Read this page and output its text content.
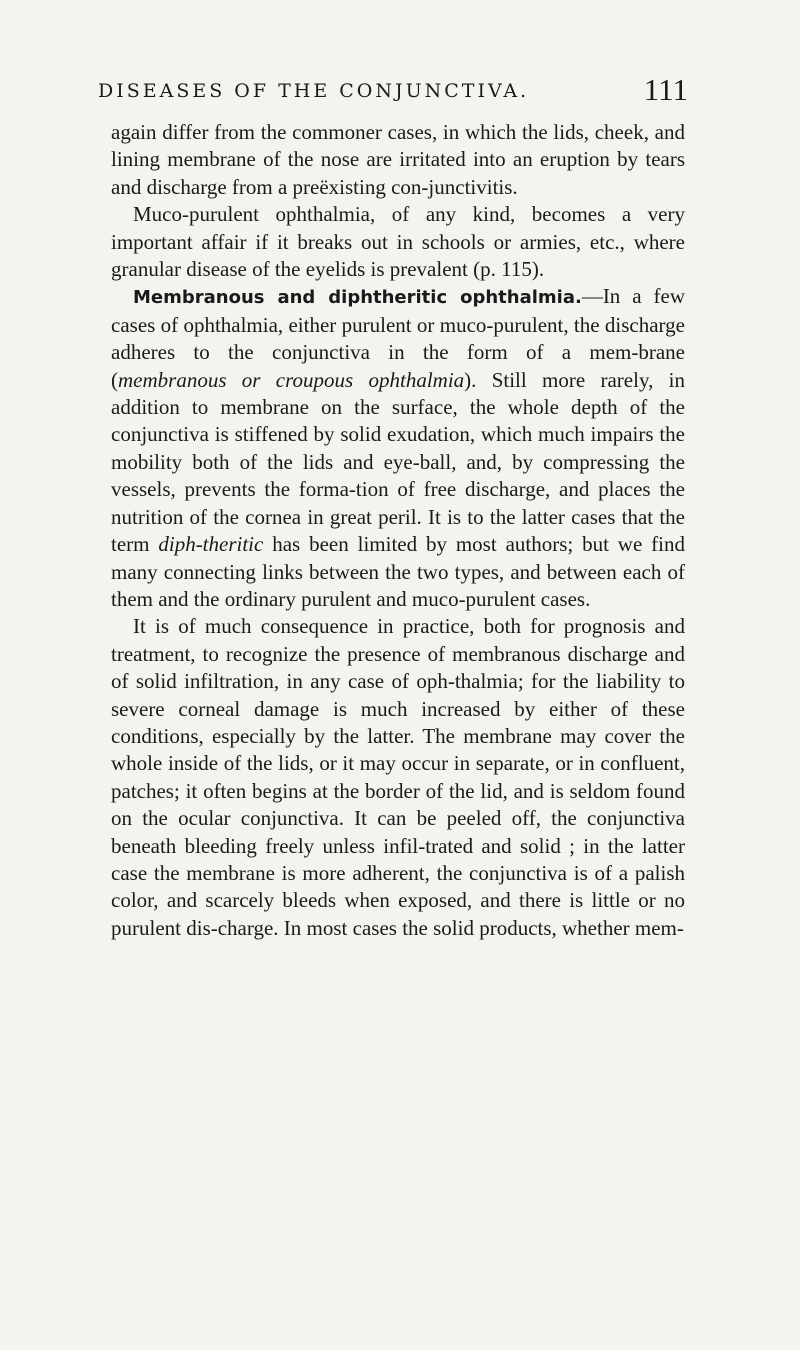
DISEASES OF THE CONJUNCTIVA.	111

again differ from the commoner cases, in which the lids, cheek, and lining membrane of the nose are irritated into an eruption by tears and discharge from a preëxisting con-junctivitis.

Muco-purulent ophthalmia, of any kind, becomes a very important affair if it breaks out in schools or armies, etc., where granular disease of the eyelids is prevalent (p. 115).

Membranous and diphtheritic ophthalmia.—In a few cases of ophthalmia, either purulent or muco-purulent, the discharge adheres to the conjunctiva in the form of a mem-brane (membranous or croupous ophthalmia). Still more rarely, in addition to membrane on the surface, the whole depth of the conjunctiva is stiffened by solid exudation, which much impairs the mobility both of the lids and eye-ball, and, by compressing the vessels, prevents the forma-tion of free discharge, and places the nutrition of the cornea in great peril. It is to the latter cases that the term diph-theritic has been limited by most authors; but we find many connecting links between the two types, and between each of them and the ordinary purulent and muco-purulent cases.

It is of much consequence in practice, both for prognosis and treatment, to recognize the presence of membranous discharge and of solid infiltration, in any case of oph-thalmia; for the liability to severe corneal damage is much increased by either of these conditions, especially by the latter. The membrane may cover the whole inside of the lids, or it may occur in separate, or in confluent, patches; it often begins at the border of the lid, and is seldom found on the ocular conjunctiva. It can be peeled off, the conjunctiva beneath bleeding freely unless infil-trated and solid ; in the latter case the membrane is more adherent, the conjunctiva is of a palish color, and scarcely bleeds when exposed, and there is little or no purulent dis-charge. In most cases the solid products, whether mem-
